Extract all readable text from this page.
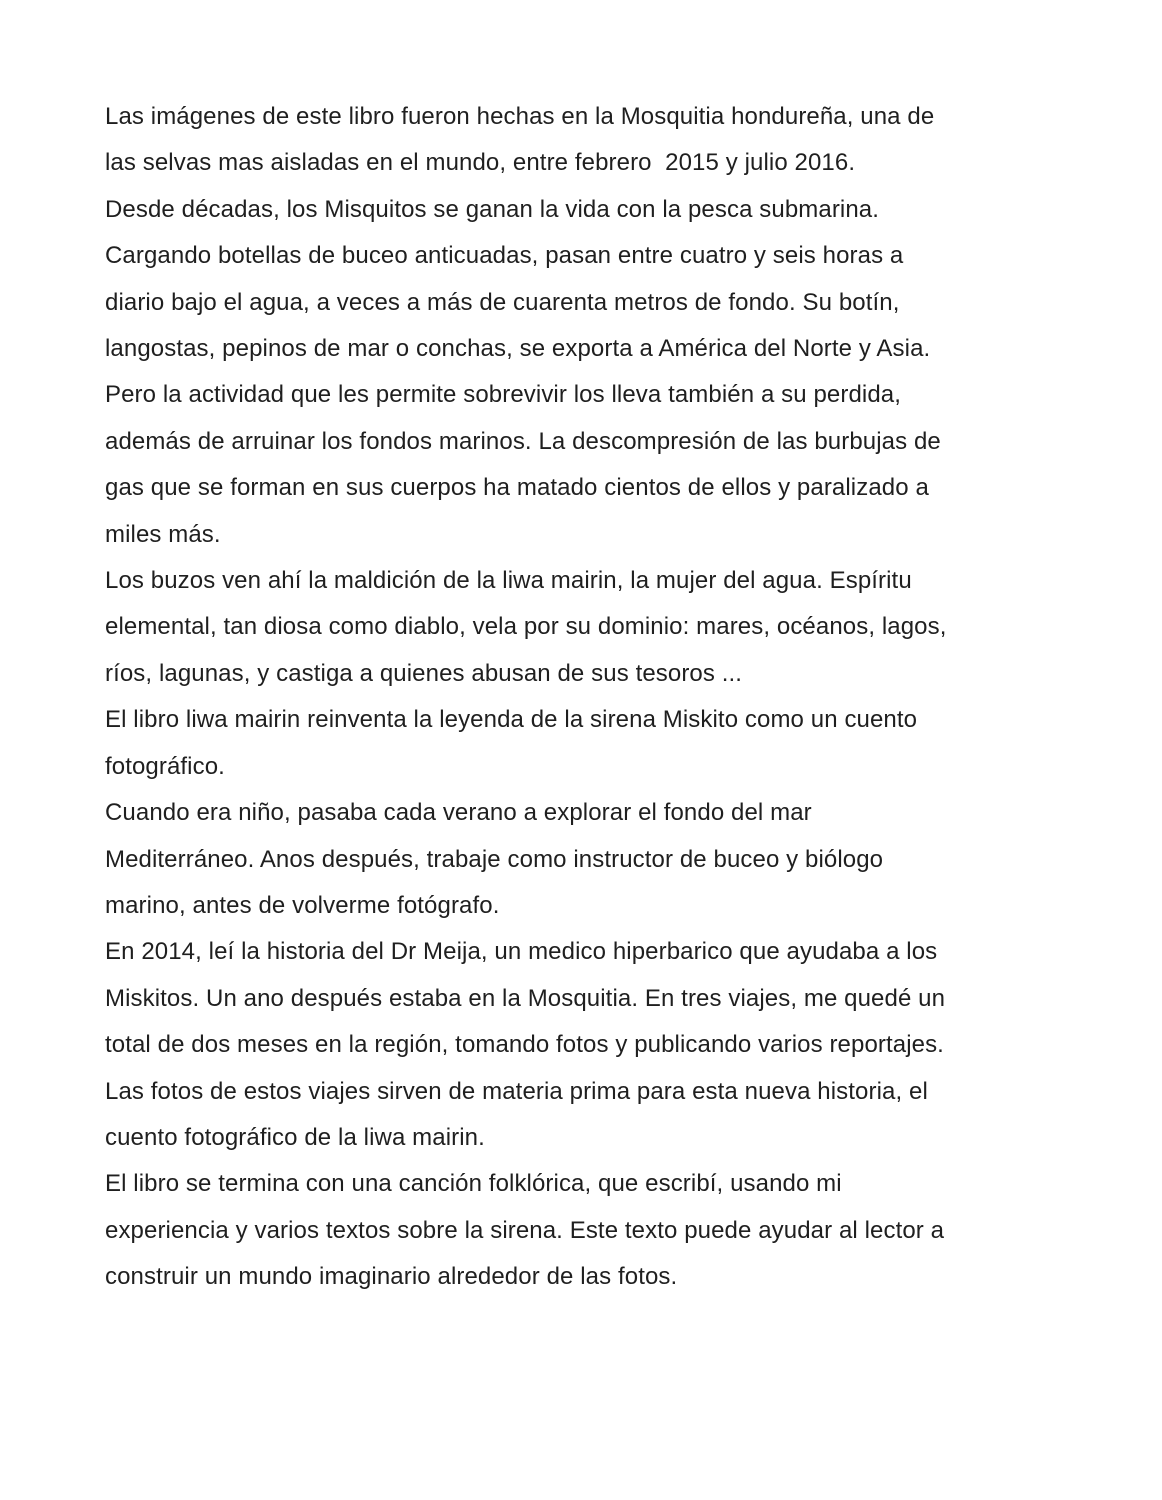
Las imágenes de este libro fueron hechas en la Mosquitia hondureña, una de
las selvas mas aisladas en el mundo, entre febrero  2015 y julio 2016.
Desde décadas, los Misquitos se ganan la vida con la pesca submarina.
Cargando botellas de buceo anticuadas, pasan entre cuatro y seis horas a
diario bajo el agua, a veces a más de cuarenta metros de fondo. Su botín,
langostas, pepinos de mar o conchas, se exporta a América del Norte y Asia.
Pero la actividad que les permite sobrevivir los lleva también a su perdida,
además de arruinar los fondos marinos. La descompresión de las burbujas de
gas que se forman en sus cuerpos ha matado cientos de ellos y paralizado a
miles más.
Los buzos ven ahí la maldición de la liwa mairin, la mujer del agua. Espíritu
elemental, tan diosa como diablo, vela por su dominio: mares, océanos, lagos,
ríos, lagunas, y castiga a quienes abusan de sus tesoros ...
El libro liwa mairin reinventa la leyenda de la sirena Miskito como un cuento
fotográfico.
Cuando era niño, pasaba cada verano a explorar el fondo del mar
Mediterráneo. Anos después, trabaje como instructor de buceo y biólogo
marino, antes de volverme fotógrafo.
En 2014, leí la historia del Dr Meija, un medico hiperbarico que ayudaba a los
Miskitos. Un ano después estaba en la Mosquitia. En tres viajes, me quedé un
total de dos meses en la región, tomando fotos y publicando varios reportajes.
Las fotos de estos viajes sirven de materia prima para esta nueva historia, el
cuento fotográfico de la liwa mairin.
El libro se termina con una canción folklórica, que escribí, usando mi
experiencia y varios textos sobre la sirena. Este texto puede ayudar al lector a
construir un mundo imaginario alrededor de las fotos.
